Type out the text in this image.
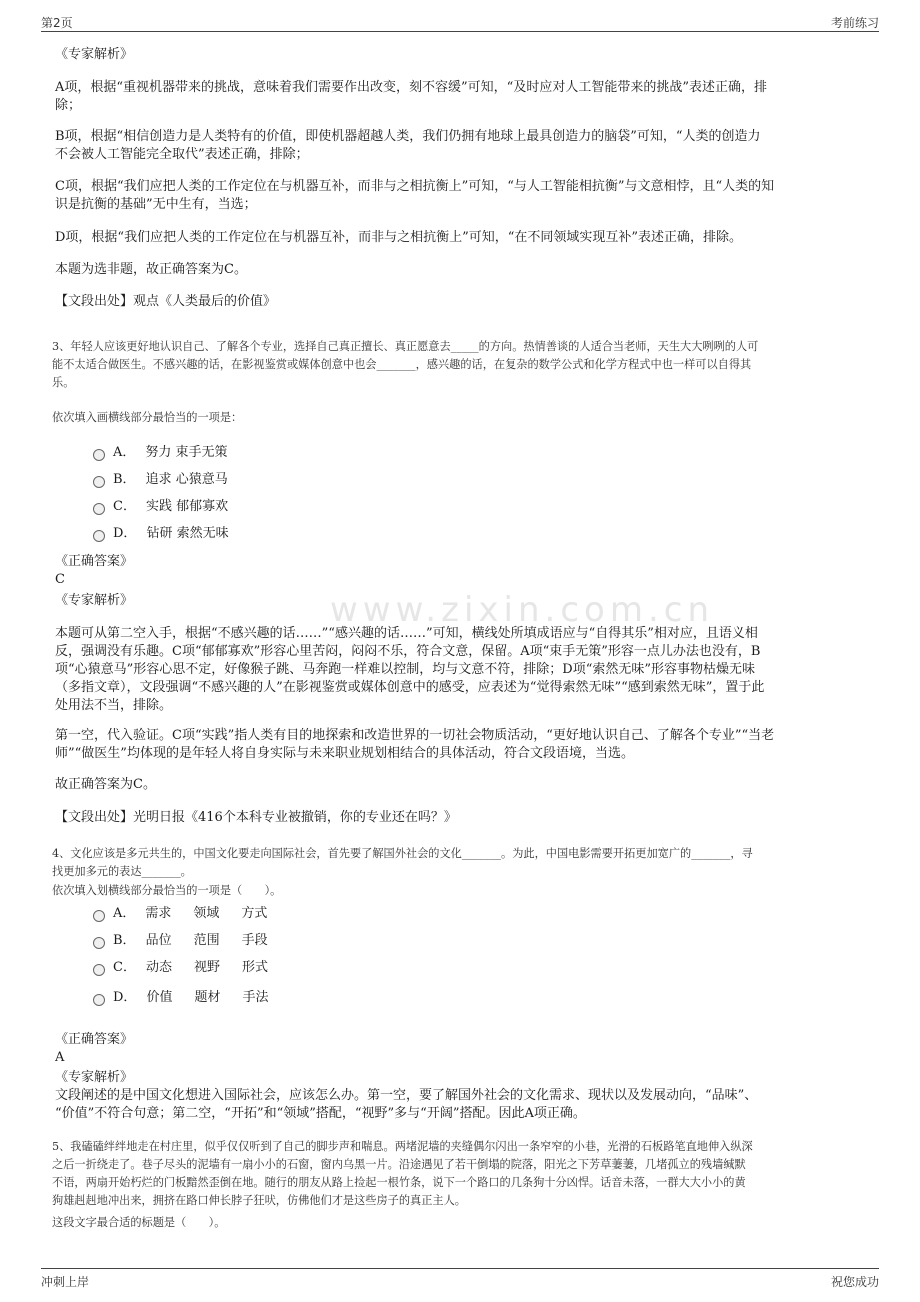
第2页	考前练习
www.zixin.com.cn
《专家解析》
A项，根据“重视机器带来的挑战，意味着我们需要作出改变，刻不容缓”可知，“及时应对人工智能带来的挑战”表述正确，排
除；
B项，根据“相信创造力是人类特有的价值，即使机器超越人类，我们仍拥有地球上最具创造力的脑袋”可知，“人类的创造力
不会被人工智能完全取代”表述正确，排除；
C项，根据“我们应把人类的工作定位在与机器互补，而非与之相抗衡上”可知，“与人工智能相抗衡”与文意相悖，且“人类的知
识是抗衡的基础”无中生有，当选；
D项，根据“我们应把人类的工作定位在与机器互补，而非与之相抗衡上”可知，“在不同领域实现互补”表述正确，排除。
本题为选非题，故正确答案为C。
【文段出处】观点《人类最后的价值》
3、年轻人应该更好地认识自己、了解各个专业，选择自己真正擅长、真正愿意去_____的方向。热情善谈的人适合当老师，天生大大咧咧的人可
能不太适合做医生。不感兴趣的话，在影视鉴赏或媒体创意中也会_______，感兴趣的话，在复杂的数学公式和化学方程式中也一样可以自得其
乐。
依次填入画横线部分最恰当的一项是：
A． 努力 束手无策
B． 追求 心猿意马
C． 实践 郁郁寡欢
D． 钻研 索然无味
《正确答案》
C
《专家解析》
本题可从第二空入手，根据“不感兴趣的话……”“感兴趣的话……”可知，横线处所填成语应与“自得其乐”相对应，且语义相
反，强调没有乐趣。C项“郁郁寡欢”形容心里苦闷，闷闷不乐，符合文意，保留。A项“束手无策”形容一点儿办法也没有，B
项“心猿意马”形容心思不定，好像猴子跳、马奔跑一样难以控制，均与文意不符，排除；D项“索然无味”形容事物枯燥无味
（多指文章），文段强调“不感兴趣的人”在影视鉴赏或媒体创意中的感受，应表述为“觉得索然无味”“感到索然无味”，置于此
处用法不当，排除。
第一空，代入验证。C项“实践”指人类有目的地探索和改造世界的一切社会物质活动，“更好地认识自己、了解各个专业”“当老
师”“做医生”均体现的是年轻人将自身实际与未来职业规划相结合的具体活动，符合文段语境，当选。
故正确答案为C。
【文段出处】光明日报《416个本科专业被撤销，你的专业还在吗？》
4、文化应该是多元共生的，中国文化要走向国际社会，首先要了解国外社会的文化_______。为此，中国电影需要开拓更加宽广的_______，寻
找更加多元的表达_______。
依次填入划横线部分最恰当的一项是（　　）。
A． 需求 领域 方式
B． 品位 范围 手段
C． 动态 视野 形式
D． 价值 题材 手法
《正确答案》
A
《专家解析》
文段阐述的是中国文化想进入国际社会，应该怎么办。第一空，要了解国外社会的文化需求、现状以及发展动向，“品味”、
“价值”不符合句意；第二空，“开拓”和“领域”搭配，“视野”多与“开阔”搭配。因此A项正确。
5、我磕磕绊绊地走在村庄里，似乎仅仅听到了自己的脚步声和喘息。两堵泥墙的夹缝偶尔闪出一条窄窄的小巷，光滑的石板路笔直地伸入纵深
之后一折绕走了。巷子尽头的泥墙有一扇小小的石窗，窗内乌黑一片。沿途遇见了若干倒塌的院落，阳光之下芳草萋萋，几堵孤立的残墙缄默
不语，两扇开始朽烂的门板黯然歪倒在地。随行的朋友从路上捡起一根竹条，说下一个路口的几条狗十分凶悍。话音未落，一群大大小小的黄
狗雄赳赳地冲出来，拥挤在路口伸长脖子狂吠，仿佛他们才是这些房子的真正主人。
这段文字最合适的标题是（　　）。
冲刺上岸	祝您成功
